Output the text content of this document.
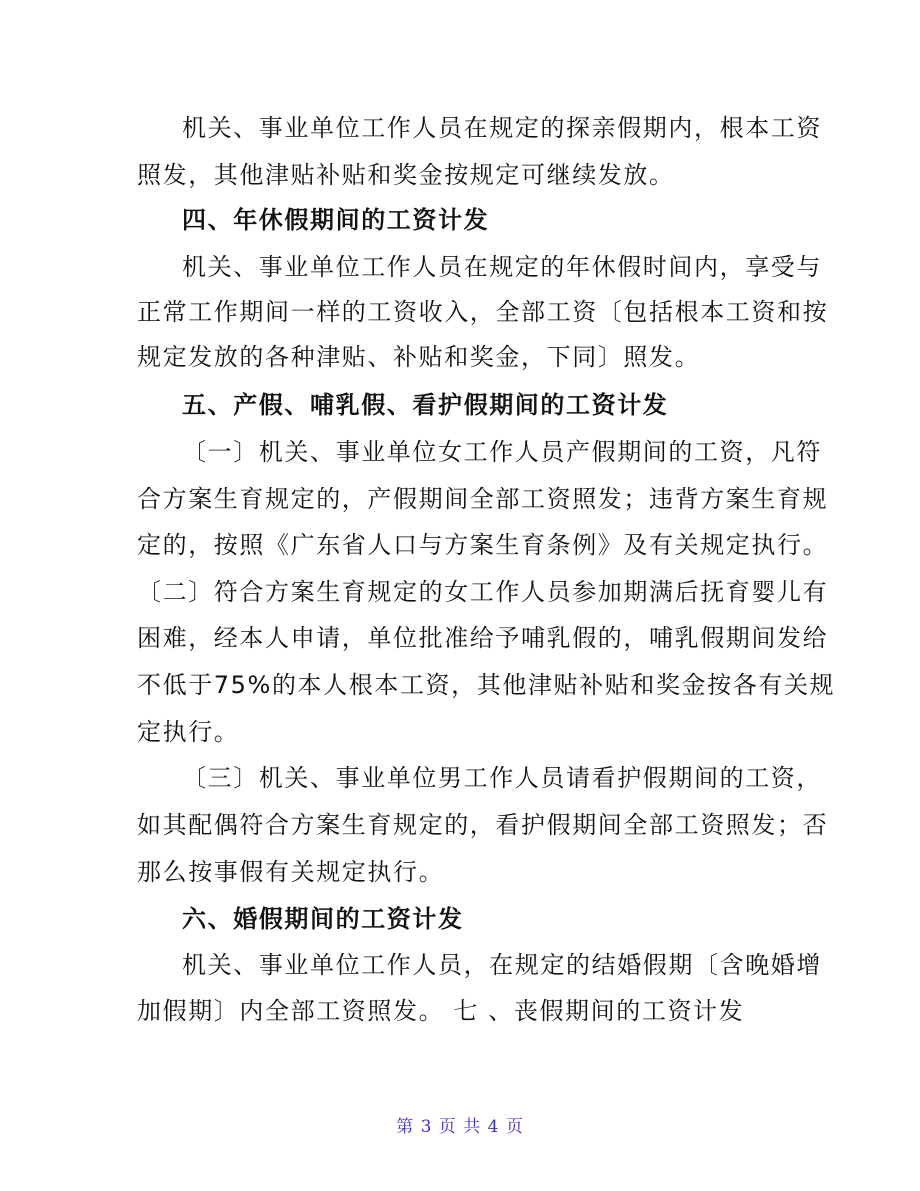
机关、事业单位工作人员在规定的探亲假期内，根本工资
照发，其他津贴补贴和奖金按规定可继续发放。
四、年休假期间的工资计发
机关、事业单位工作人员在规定的年休假时间内，享受与
正常工作期间一样的工资收入，全部工资〔包括根本工资和按
规定发放的各种津贴、补贴和奖金，下同〕照发。
五、产假、哺乳假、看护假期间的工资计发
〔一〕机关、事业单位女工作人员产假期间的工资，凡符
合方案生育规定的，产假期间全部工资照发；违背方案生育规
定的，按照《广东省人口与方案生育条例》及有关规定执行。
〔二〕符合方案生育规定的女工作人员参加期满后抚育婴儿有
困难，经本人申请，单位批准给予哺乳假的，哺乳假期间发给
不低于75%的本人根本工资，其他津贴补贴和奖金按各有关规
定执行。
〔三〕机关、事业单位男工作人员请看护假期间的工资，
如其配偶符合方案生育规定的，看护假期间全部工资照发；否
那么按事假有关规定执行。
六、婚假期间的工资计发
机关、事业单位工作人员，在规定的结婚假期〔含晚婚增
加假期〕内全部工资照发。 七 、丧假期间的工资计发
第 3 页 共 4 页
